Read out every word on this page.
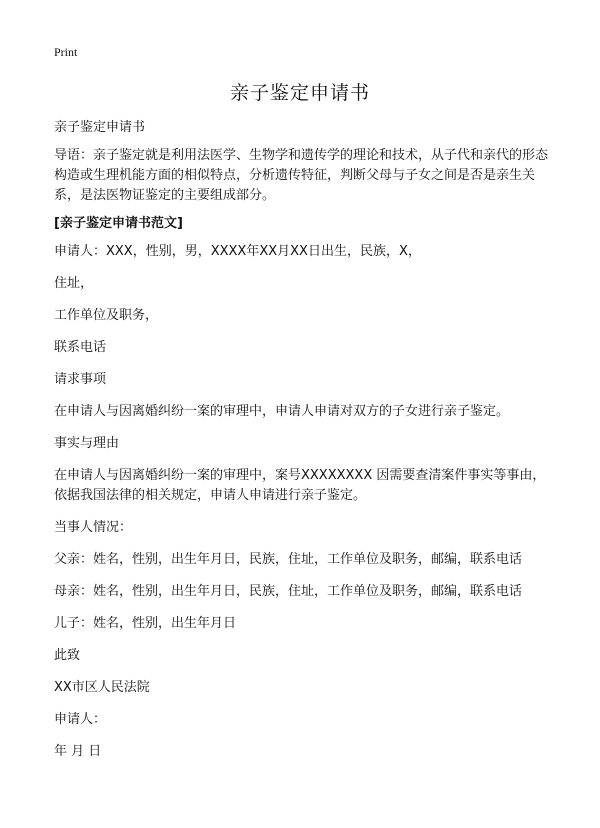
Print
亲子鉴定申请书

亲子鉴定申请书

导语：亲子鉴定就是利用法医学、生物学和遗传学的理论和技术，从子代和亲代的形态构造或生理机能方面的相似特点，分析遗传特征，判断父母与子女之间是否是亲生关系，是法医物证鉴定的主要组成部分。

[亲子鉴定申请书范文]

申请人：XXX，性别，男，XXXX年XX月XX日出生，民族，X，

住址，

工作单位及职务，

联系电话

请求事项

在申请人与因离婚纠纷一案的审理中，申请人申请对双方的子女进行亲子鉴定。

事实与理由

在申请人与因离婚纠纷一案的审理中，案号XXXXXXXX 因需要查清案件事实等事由，依据我国法律的相关规定，申请人申请进行亲子鉴定。

当事人情况：

父亲：姓名，性别，出生年月日，民族，住址，工作单位及职务，邮编，联系电话

母亲：姓名，性别，出生年月日，民族，住址，工作单位及职务，邮编，联系电话

儿子：姓名，性别，出生年月日

此致

XX市区人民法院

申请人：

年 月 日
